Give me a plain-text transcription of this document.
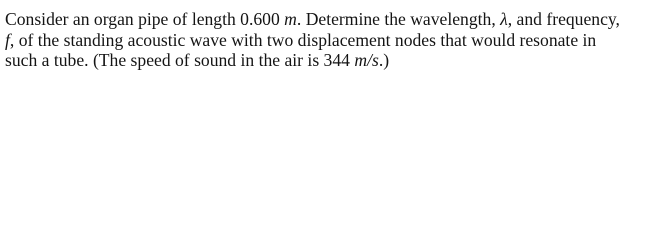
Consider an organ pipe of length 0.600 m. Determine the wavelength, λ, and frequency,
f, of the standing acoustic wave with two displacement nodes that would resonate in
such a tube. (The speed of sound in the air is 344 m/s.)
